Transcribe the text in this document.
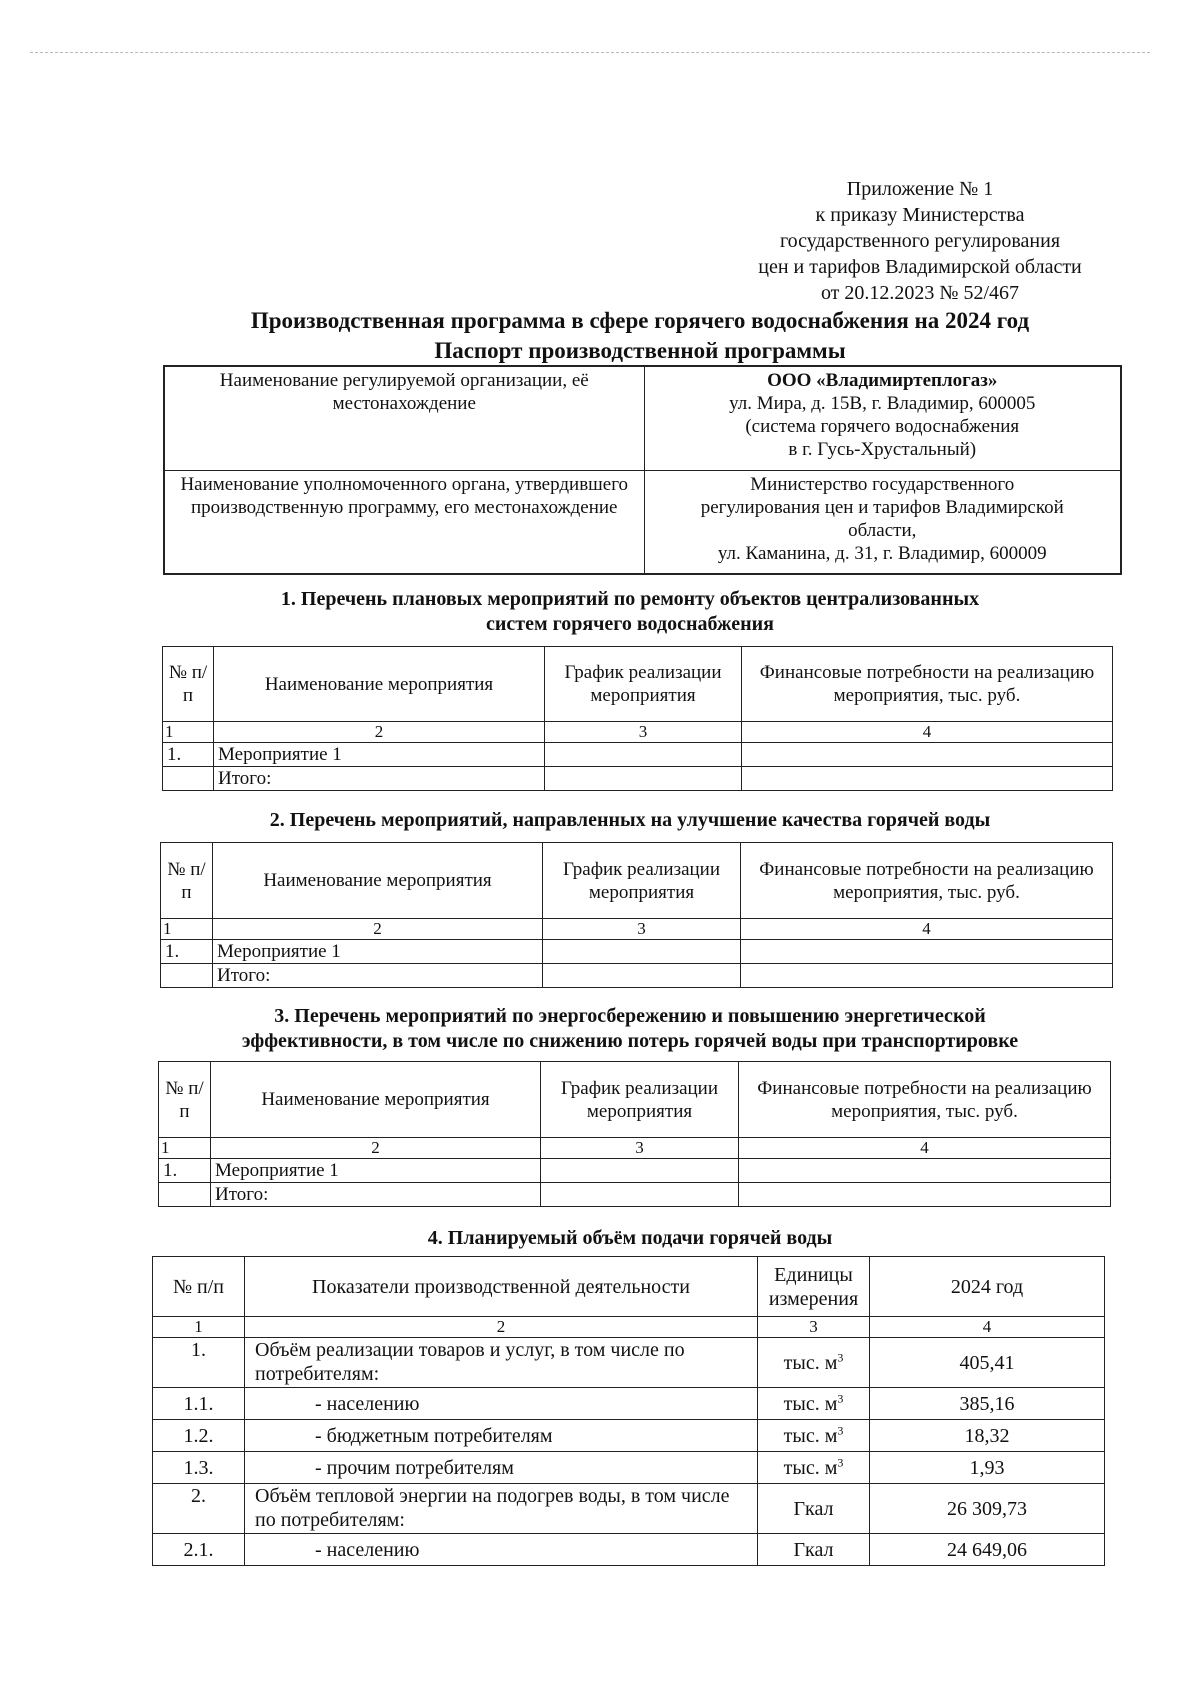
Приложение № 1
к приказу Министерства
государственного регулирования
цен и тарифов Владимирской области
от 20.12.2023 № 52/467
Производственная программа в сфере горячего водоснабжения на 2024 год
Паспорт производственной программы
Наименование регулируемой организации, её местонахождение	ООО «Владимиртеплогаз»
ул. Мира, д. 15В, г. Владимир, 600005
(система горячего водоснабжения
в г. Гусь-Хрустальный)

Наименование уполномоченного органа, утвердившего производственную программу, его местонахождение	Министерство государственного
регулирования цен и тарифов Владимирской
области,
ул. Каманина, д. 31, г. Владимир, 600009
1. Перечень плановых мероприятий по ремонту объектов централизованных
систем горячего водоснабжения
№ п/п	Наименование мероприятия	График реализации мероприятия	Финансовые потребности на реализацию мероприятия, тыс. руб.
1	2	3	4
1.	Мероприятие 1		
	Итого:		
2. Перечень мероприятий, направленных на улучшение качества горячей воды
№ п/п	Наименование мероприятия	График реализации мероприятия	Финансовые потребности на реализацию мероприятия, тыс. руб.
1	2	3	4
1.	Мероприятие 1		
	Итого:		
3. Перечень мероприятий по энергосбережению и повышению энергетической
эффективности, в том числе по снижению потерь горячей воды при транспортировке
№ п/п	Наименование мероприятия	График реализации мероприятия	Финансовые потребности на реализацию мероприятия, тыс. руб.
1	2	3	4
1.	Мероприятие 1		
	Итого:		
4. Планируемый объём подачи горячей воды
№ п/п	Показатели производственной деятельности	Единицы измерения	2024 год
1	2	3	4
1.	Объём реализации товаров и услуг, в том числе по потребителям:	тыс. $м^3$	405,41
1.1.	- населению	тыс. $м^3$	385,16
1.2.	- бюджетным потребителям	тыс. $м^3$	18,32
1.3.	- прочим потребителям	тыс. $м^3$	1,93
2.	Объём тепловой энергии на подогрев воды, в том числе по потребителям:	Гкал	26 309,73
2.1.	- населению	Гкал	24 649,06
